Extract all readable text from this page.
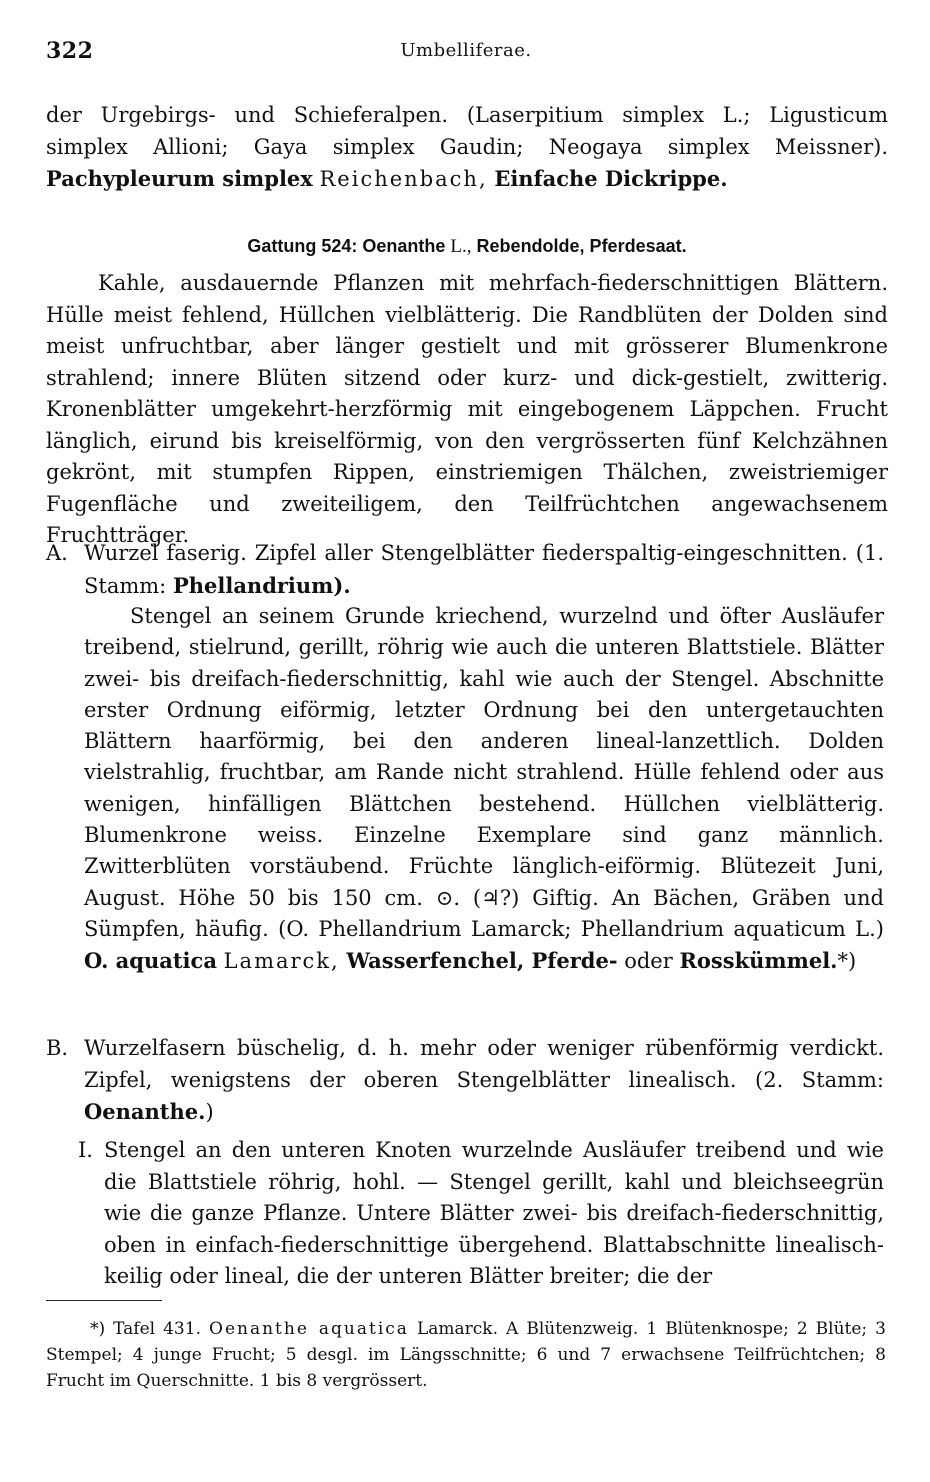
322	Umbelliferae.
der Urgebirgs- und Schieferalpen. (Laserpitium simplex L.; Ligusticum simplex Allioni; Gaya simplex Gaudin; Neogaya simplex Meissner). Pachypleurum simplex Reichenbach, Einfache Dickrippe.
Gattung 524: Oenanthe L., Rebendolde, Pferdesaat.
Kahle, ausdauernde Pflanzen mit mehrfach-fiederschnittigen Blättern. Hülle meist fehlend, Hüllchen vielblätterig. Die Randblüten der Dolden sind meist unfruchtbar, aber länger gestielt und mit grösserer Blumenkrone strahlend; innere Blüten sitzend oder kurz- und dick-gestielt, zwitterig. Kronenblätter umgekehrt-herzförmig mit eingebogenem Läppchen. Frucht länglich, eirund bis kreiselförmig, von den vergrösserten fünf Kelchzähnen gekrönt, mit stumpfen Rippen, einstriemigen Thälchen, zweistriemiger Fugenfläche und zweiteiligem, den Teilfrüchtchen angewachsenem Fruchtträger.
A. Wurzel faserig. Zipfel aller Stengelblätter fiederspaltig-eingeschnitten. (1. Stamm: Phellandrium).
Stengel an seinem Grunde kriechend, wurzelnd und öfter Ausläufer treibend, stielrund, gerillt, röhrig wie auch die unteren Blattstiele. Blätter zwei- bis dreifach-fiederschnittig, kahl wie auch der Stengel. Abschnitte erster Ordnung eiförmig, letzter Ordnung bei den untergetauchten Blättern haarförmig, bei den anderen lineal-lanzettlich. Dolden vielstrahlig, fruchtbar, am Rande nicht strahlend. Hülle fehlend oder aus wenigen, hinfälligen Blättchen bestehend. Hüllchen vielblätterig. Blumenkrone weiss. Einzelne Exemplare sind ganz männlich. Zwitterblüten vorstäubend. Früchte länglich-eiförmig. Blütezeit Juni, August. Höhe 50 bis 150 cm. ⊙. (♃?) Giftig. An Bächen, Gräben und Sümpfen, häufig. (O. Phellandrium Lamarck; Phellandrium aquaticum L.) O. aquatica Lamarck, Wasserfenchel, Pferde- oder Rosskümmel.*)
B. Wurzelfasern büschelig, d. h. mehr oder weniger rübenförmig verdickt. Zipfel, wenigstens der oberen Stengelblätter linealisch. (2. Stamm: Oenanthe.)
I. Stengel an den unteren Knoten wurzelnde Ausläufer treibend und wie die Blattstiele röhrig, hohl. — Stengel gerillt, kahl und bleichseegrün wie die ganze Pflanze. Untere Blätter zwei- bis dreifach-fiederschnittig, oben in einfach-fiederschnittige übergehend. Blattabschnitte linealisch-keilig oder lineal, die der unteren Blätter breiter; die der
*) Tafel 431. Oenanthe aquatica Lamarck. A Blütenzweig. 1 Blütenknospe; 2 Blüte; 3 Stempel; 4 junge Frucht; 5 desgl. im Längsschnitte; 6 und 7 erwachsene Teilfrüchtchen; 8 Frucht im Querschnitte. 1 bis 8 vergrössert.
